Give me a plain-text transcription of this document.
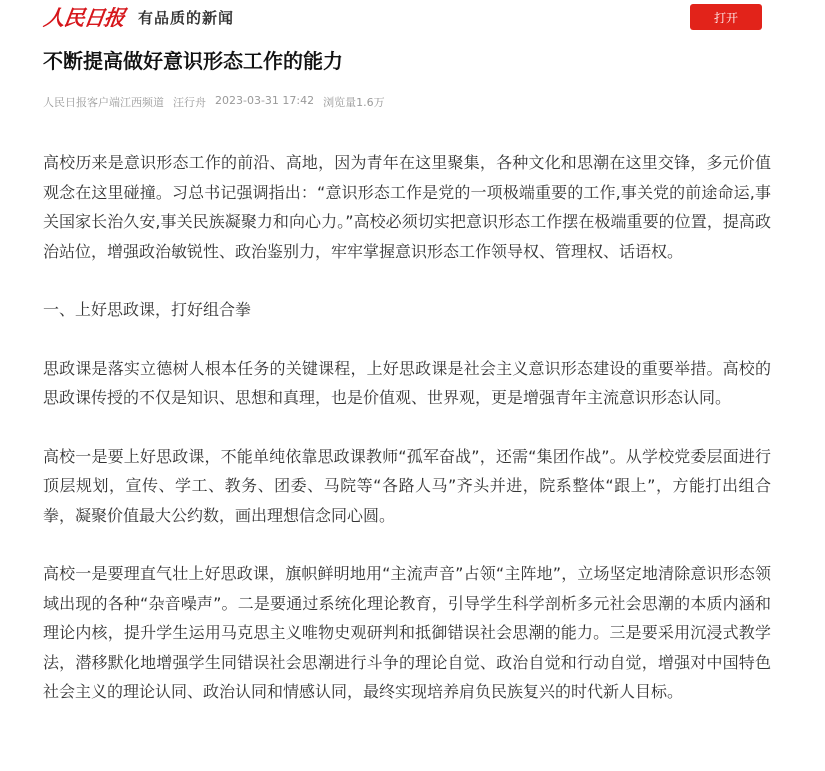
人民日报 有品质的新闻	打开
不断提高做好意识形态工作的能力
人民日报客户端江西频道 汪行舟 2023-03-31 17:42 浏览量1.6万

高校历来是意识形态工作的前沿、高地，因为青年在这里聚集，各种文化和思潮在这里交锋，多元价值观念在这里碰撞。习总书记强调指出：“意识形态工作是党的一项极端重要的工作,事关党的前途命运,事关国家长治久安,事关民族凝聚力和向心力。”高校必须切实把意识形态工作摆在极端重要的位置，提高政治站位，增强政治敏锐性、政治鉴别力，牢牢掌握意识形态工作领导权、管理权、话语权。

一、上好思政课，打好组合拳

思政课是落实立德树人根本任务的关键课程，上好思政课是社会主义意识形态建设的重要举措。高校的思政课传授的不仅是知识、思想和真理，也是价值观、世界观，更是增强青年主流意识形态认同。

高校一是要上好思政课，不能单纯依靠思政课教师“孤军奋战”，还需“集团作战”。从学校党委层面进行顶层规划，宣传、学工、教务、团委、马院等“各路人马”齐头并进，院系整体“跟上”，方能打出组合拳，凝聚价值最大公约数，画出理想信念同心圆。

高校一是要理直气壮上好思政课，旗帜鲜明地用“主流声音”占领“主阵地”，立场坚定地清除意识形态领域出现的各种“杂音噪声”。二是要通过系统化理论教育，引导学生科学剖析多元社会思潮的本质内涵和理论内核，提升学生运用马克思主义唯物史观研判和抵御错误社会思潮的能力。三是要采用沉浸式教学法，潜移默化地增强学生同错误社会思潮进行斗争的理论自觉、政治自觉和行动自觉，增强对中国特色社会主义的理论认同、政治认同和情感认同，最终实现培养肩负民族复兴的时代新人目标。
